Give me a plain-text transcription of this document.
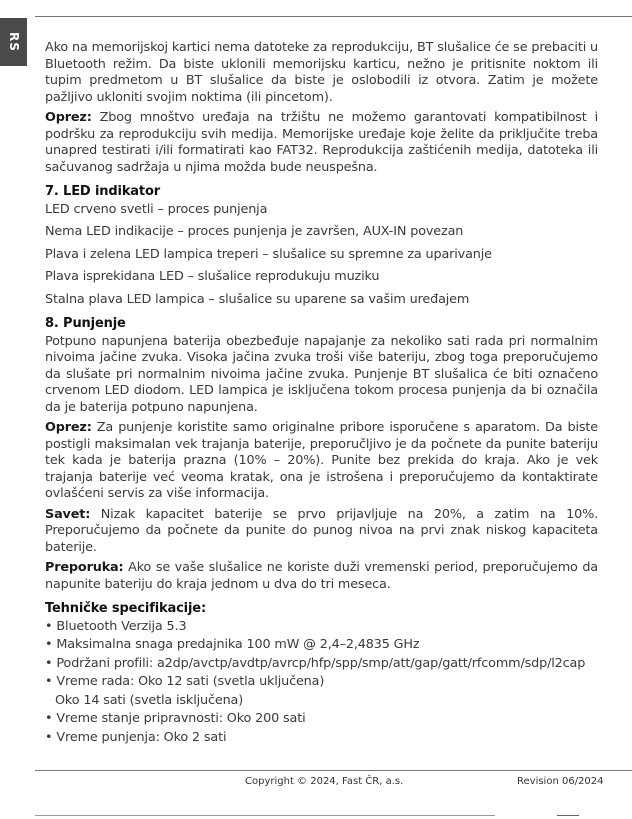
RS Ako na memorijskoj kartici nema datoteke za reprodukciju, BT slušalice će se prebaciti u Bluetooth režim. Da biste uklonili memorijsku karticu, nežno je pritisnite noktom ili tupim predmetom u BT slušalice da biste je oslobodili iz otvora. Zatim je možete pažljivo ukloniti svojim noktima (ili pincetom).

Oprez: Zbog mnoštvo uređaja na tržištu ne možemo garantovati kompatibilnost i podršku za reprodukciju svih medija. Memorijske uređaje koje želite da priključite treba unapred testirati i/ili formatirati kao FAT32. Reprodukcija zaštićenih medija, datoteka ili sačuvanog sadržaja u njima možda bude neuspešna.

7. LED indikator
LED crveno svetli – proces punjenja
Nema LED indikacije – proces punjenja je završen, AUX-IN povezan
Plava i zelena LED lampica treperi – slušalice su spremne za uparivanje
Plava isprekidana LED – slušalice reprodukuju muziku
Stalna plava LED lampica – slušalice su uparene sa vašim uređajem
8. Punjenje

Potpuno napunjena baterija obezbeđuje napajanje za nekoliko sati rada pri normalnim nivoima jačine zvuka. Visoka jačina zvuka troši više bateriju, zbog toga preporučujemo da slušate pri normalnim nivoima jačine zvuka. Punjenje BT slušalica će biti označeno crvenom LED diodom. LED lampica je isključena tokom procesa punjenja da bi označila da je baterija potpuno napunjena.

Oprez: Za punjenje koristite samo originalne pribore isporučene s aparatom. Da biste postigli maksimalan vek trajanja baterije, preporučljivo je da počnete da punite bateriju tek kada je baterija prazna (10% – 20%). Punite bez prekida do kraja. Ako je vek trajanja baterije već veoma kratak, ona je istrošena i preporučujemo da kontaktirate ovlašćeni servis za više informacija.

Savet: Nizak kapacitet baterije se prvo prijavljuje na 20%, a zatim na 10%. Preporučujemo da počnete da punite do punog nivoa na prvi znak niskog kapaciteta baterije.

Preporuka: Ako se vaše slušalice ne koriste duži vremenski period, preporučujemo da napunite bateriju do kraja jednom u dva do tri meseca.

Tehničke specifikacije:
• Bluetooth Verzija 5.3
• Maksimalna snaga predajnika 100 mW @ 2,4–2,4835 GHz
• Podržani profili: a2dp/avctp/avdtp/avrcp/hfp/spp/smp/att/gap/gatt/rfcomm/sdp/l2cap
• Vreme rada: Oko 12 sati (svetla uključena)
Oko 14 sati (svetla isključena)
• Vreme stanje pripravnosti: Oko 200 sati
• Vreme punjenja: Oko 2 sati
Copyright © 2024, Fast ČR, a.s.	Revision 06/2024
